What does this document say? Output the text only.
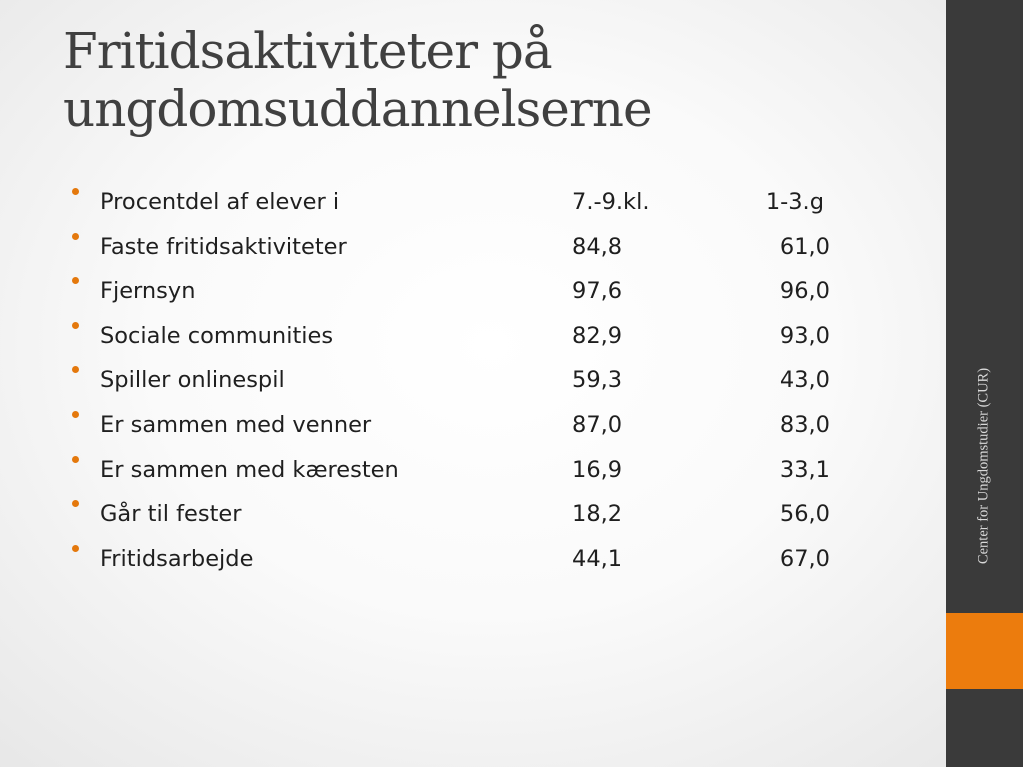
Fritidsaktiviteter på
ungdomsuddannelserne
Procentdel af elever i	7.-9.kl.	1-3.g
Faste fritidsaktiviteter	84,8	61,0
Fjernsyn	97,6	96,0
Sociale communities	82,9	93,0
Spiller onlinespil	59,3	43,0
Er sammen med venner	87,0	83,0
Er sammen med kæresten	16,9	33,1
Går til fester	18,2	56,0
Fritidsarbejde	44,1	67,0	Center for Ungdomstudier (CUR)
